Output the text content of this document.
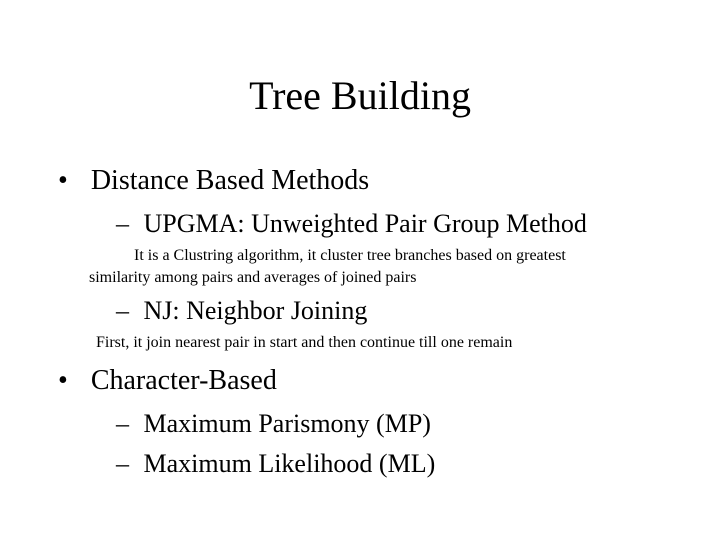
Tree Building
• Distance Based Methods
– UPGMA: Unweighted Pair Group Method
It is a Clustring algorithm, it cluster tree branches based on greatest
similarity among pairs and averages of joined pairs
– NJ: Neighbor Joining
First, it join nearest pair in start and then continue till one remain
• Character-Based
– Maximum Parismony (MP)
– Maximum Likelihood (ML)
